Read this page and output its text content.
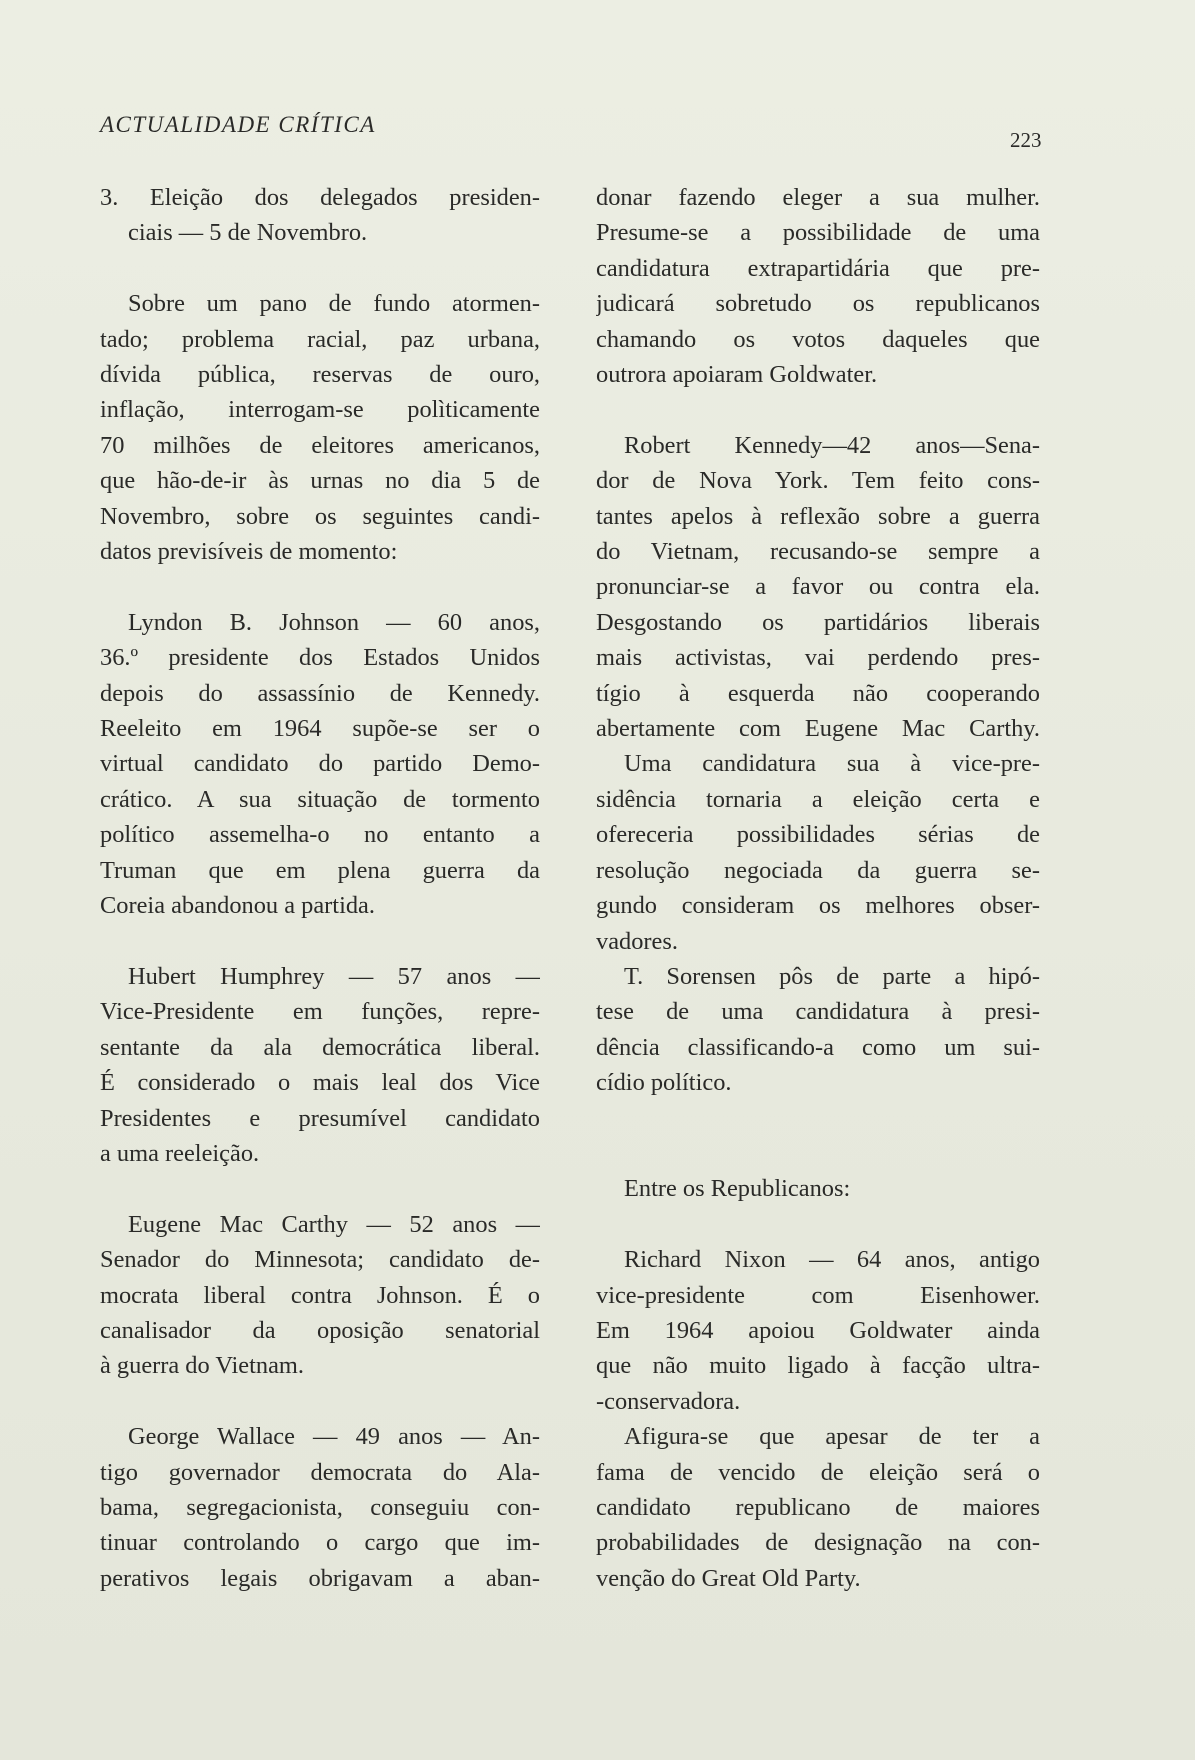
ACTUALIDADE CRÍTICA
223
3. Eleição dos delegados presiden-
ciais — 5 de Novembro.
Sobre um pano de fundo atormen-
tado; problema racial, paz urbana,
dívida pública, reservas de ouro,
inflação, interrogam-se polìticamente
70 milhões de eleitores americanos,
que hão-de-ir às urnas no dia 5 de
Novembro, sobre os seguintes candi-
datos previsíveis de momento:
Lyndon B. Johnson — 60 anos,
36.º presidente dos Estados Unidos
depois do assassínio de Kennedy.
Reeleito em 1964 supõe-se ser o
virtual candidato do partido Demo-
crático. A sua situação de tormento
político assemelha-o no entanto a
Truman que em plena guerra da
Coreia abandonou a partida.
Hubert Humphrey — 57 anos —
Vice-Presidente em funções, repre-
sentante da ala democrática liberal.
É considerado o mais leal dos Vice
Presidentes e presumível candidato
a uma reeleição.
Eugene Mac Carthy — 52 anos —
Senador do Minnesota; candidato de-
mocrata liberal contra Johnson. É o
canalisador da oposição senatorial
à guerra do Vietnam.
George Wallace — 49 anos — An-
tigo governador democrata do Ala-
bama, segregacionista, conseguiu con-
tinuar controlando o cargo que im-
perativos legais obrigavam a aban-
donar fazendo eleger a sua mulher.
Presume-se a possibilidade de uma
candidatura extrapartidária que pre-
judicará sobretudo os republicanos
chamando os votos daqueles que
outrora apoiaram Goldwater.
Robert Kennedy—42 anos—Sena-
dor de Nova York. Tem feito cons-
tantes apelos à reflexão sobre a guerra
do Vietnam, recusando-se sempre a
pronunciar-se a favor ou contra ela.
Desgostando os partidários liberais
mais activistas, vai perdendo pres-
tígio à esquerda não cooperando
abertamente com Eugene Mac Carthy.
Uma candidatura sua à vice-pre-
sidência tornaria a eleição certa e
ofereceria possibilidades sérias de
resolução negociada da guerra se-
gundo consideram os melhores obser-
vadores.
T. Sorensen pôs de parte a hipó-
tese de uma candidatura à presi-
dência classificando-a como um sui-
cídio político.
Entre os Republicanos:
Richard Nixon — 64 anos, antigo
vice-presidente com Eisenhower.
Em 1964 apoiou Goldwater ainda
que não muito ligado à facção ultra-
-conservadora.
Afigura-se que apesar de ter a
fama de vencido de eleição será o
candidato republicano de maiores
probabilidades de designação na con-
venção do Great Old Party.
